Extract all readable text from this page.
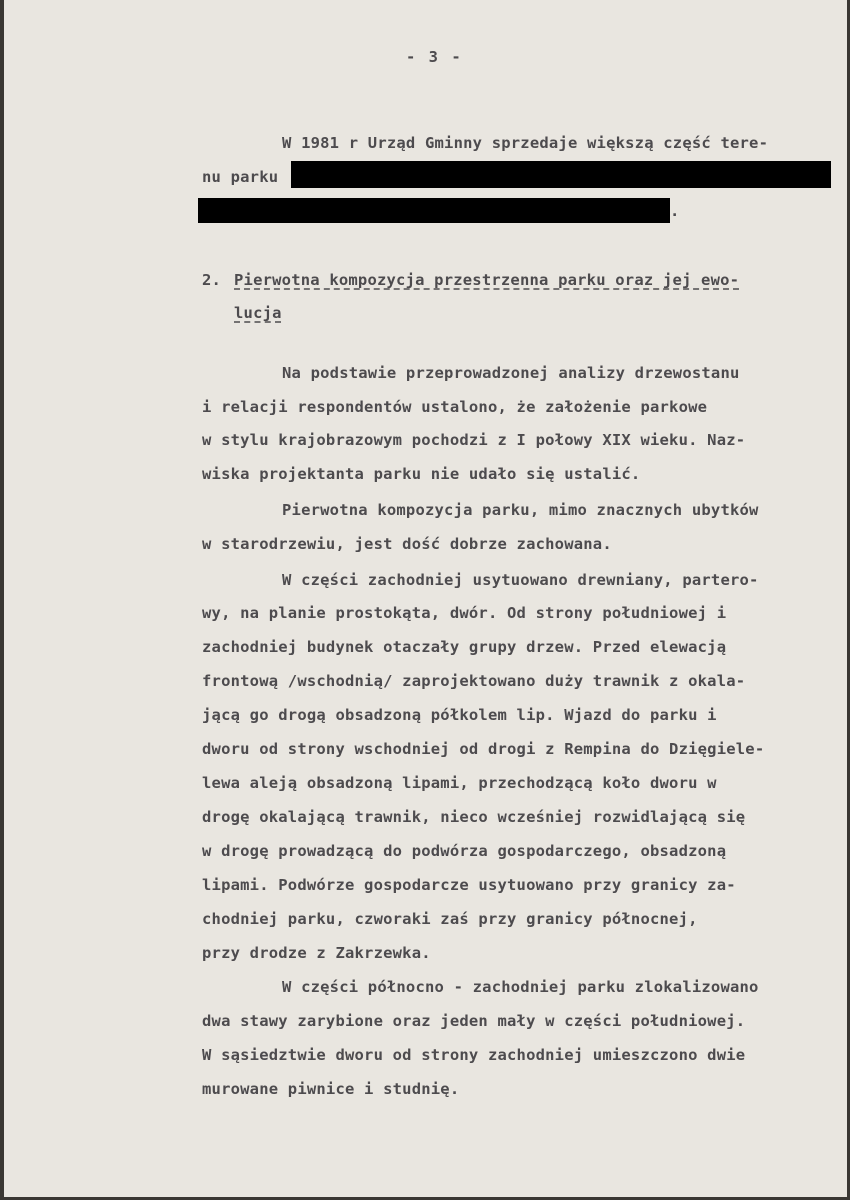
- 3 -
W 1981 r Urząd Gminny sprzedaje większą część tere-
nu parku
.
2. Pierwotna kompozycja przestrzenna parku oraz jej ewo-
lucja
Na podstawie przeprowadzonej analizy drzewostanu
i relacji respondentów ustalono, że założenie parkowe
w stylu krajobrazowym pochodzi z I połowy XIX wieku. Naz-
wiska projektanta parku nie udało się ustalić.
Pierwotna kompozycja parku, mimo znacznych ubytków
w starodrzewiu, jest dość dobrze zachowana.
W części zachodniej usytuowano drewniany, partero-
wy, na planie prostokąta, dwór. Od strony południowej i
zachodniej budynek otaczały grupy drzew. Przed elewacją
frontową /wschodnią/ zaprojektowano duży trawnik z okala-
jącą go drogą obsadzoną półkolem lip. Wjazd do parku i
dworu od strony wschodniej od drogi z Rempina do Dzięgiele-
lewa aleją obsadzoną lipami, przechodzącą koło dworu w
drogę okalającą trawnik, nieco wcześniej rozwidlającą się
w drogę prowadzącą do podwórza gospodarczego, obsadzoną
lipami. Podwórze gospodarcze usytuowano przy granicy za-
chodniej parku, czworaki zaś przy granicy północnej,
przy drodze z Zakrzewka.
W części północno - zachodniej parku zlokalizowano
dwa stawy zarybione oraz jeden mały w części południowej.
W sąsiedztwie dworu od strony zachodniej umieszczono dwie
murowane piwnice i studnię.
